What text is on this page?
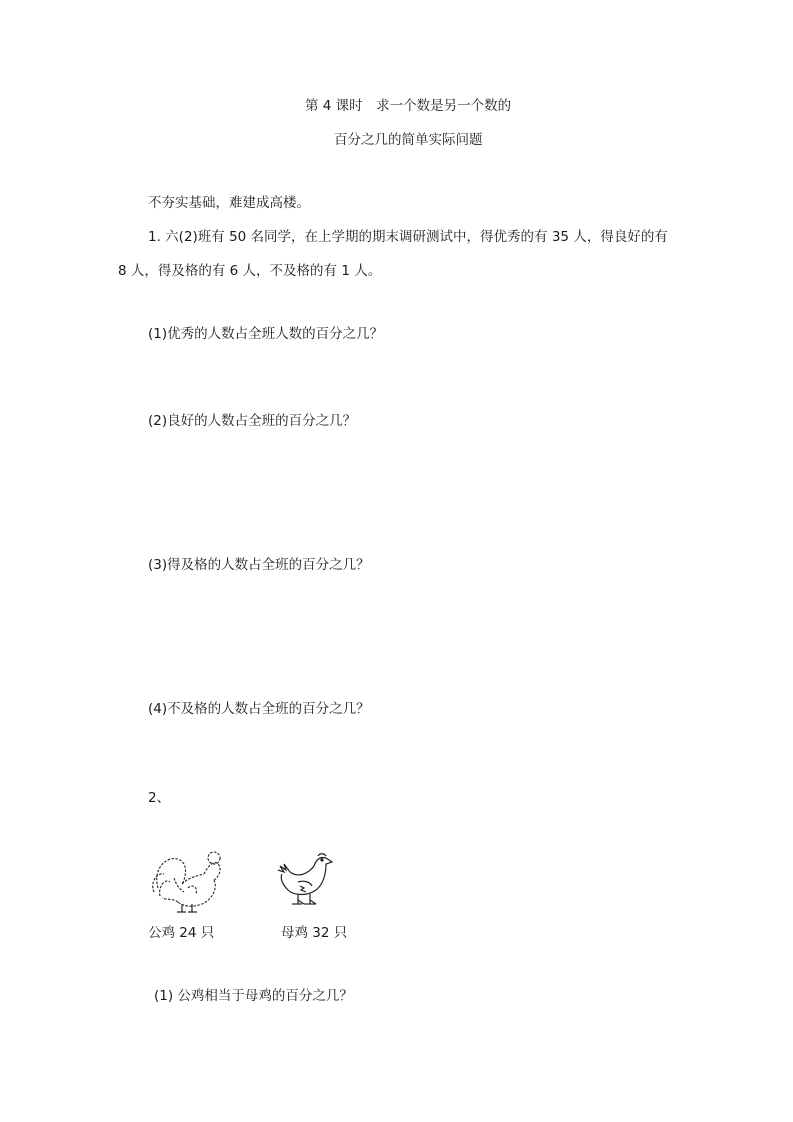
第 4 课时　求一个数是另一个数的
百分之几的简单实际问题
不夯实基础，难建成高楼。
1. 六(2)班有 50 名同学，在上学期的期末调研测试中，得优秀的有 35 人，得良好的有
8 人，得及格的有 6 人，不及格的有 1 人。
(1)优秀的人数占全班人数的百分之几？
(2)良好的人数占全班的百分之几？
(3)得及格的人数占全班的百分之几？
(4)不及格的人数占全班的百分之几？
2、
公鸡 24 只	母鸡 32 只
(1) 公鸡相当于母鸡的百分之几？
